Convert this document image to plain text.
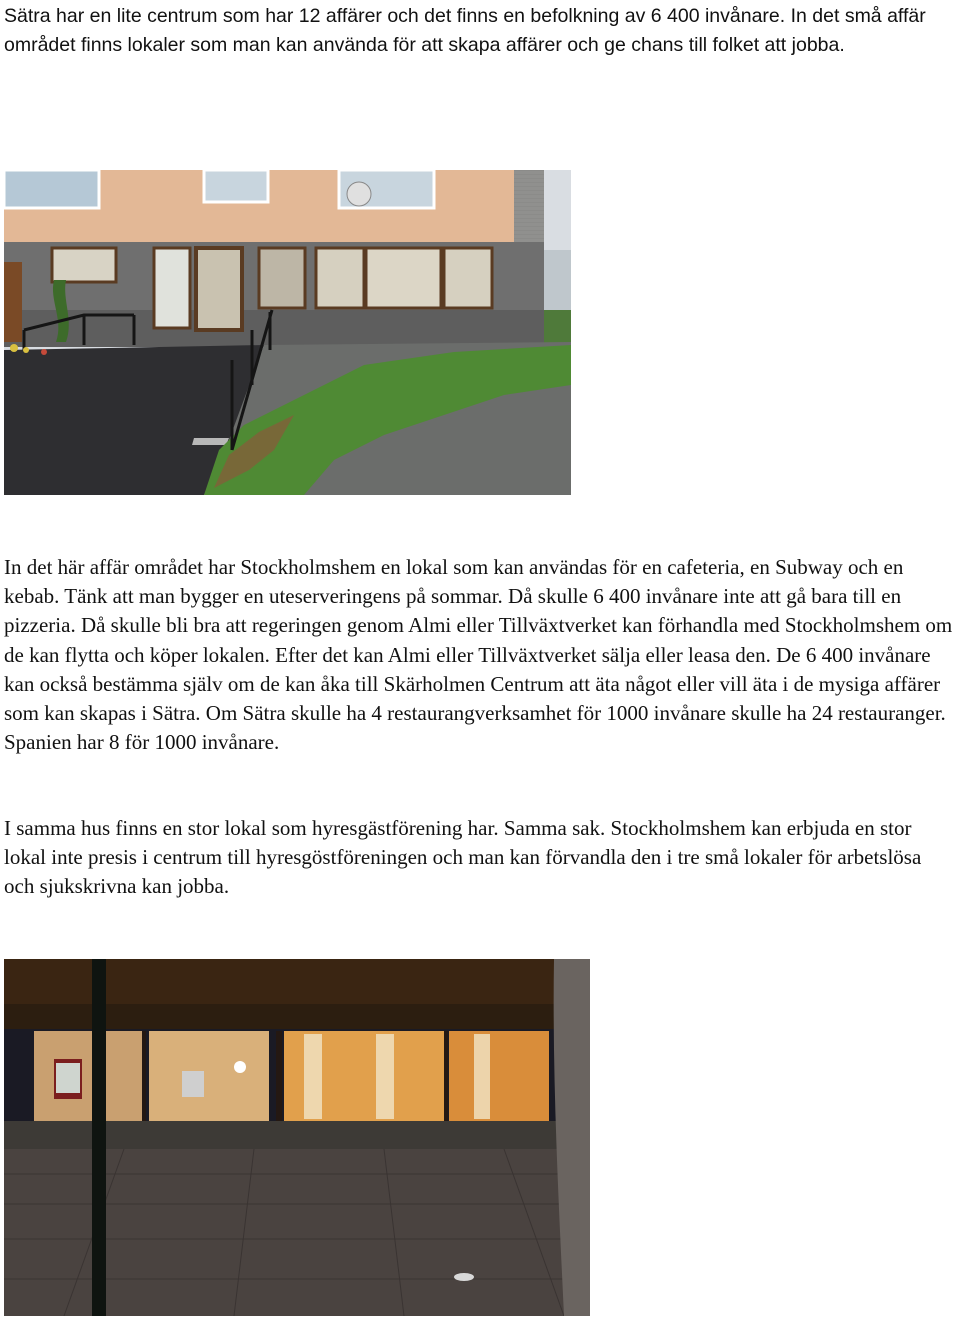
Sätra har en lite centrum som har 12 affärer och det finns en befolkning av 6 400 invånare. In det små affär området finns lokaler som man kan använda för att skapa affärer och ge chans till folket att jobba.
In det här affär området har Stockholmshem en lokal som kan användas för en cafeteria, en Subway och en kebab. Tänk att man bygger en uteserveringens på sommar. Då skulle 6 400 invånare inte att gå bara till en pizzeria. Då skulle bli bra att regeringen genom Almi eller Tillväxtverket kan förhandla med Stockholmshem om de kan flytta och köper lokalen. Efter det kan Almi eller Tillväxtverket sälja eller leasa den. De 6 400 invånare kan också bestämma själv om de kan åka till Skärholmen Centrum att äta något eller vill äta i de mysiga affärer som kan skapas i Sätra. Om Sätra skulle ha 4 restaurangverksamhet för 1000 invånare skulle ha 24 restauranger. Spanien har 8 för 1000 invånare.
I samma hus finns en stor lokal som hyresgästförening har. Samma sak. Stockholmshem kan erbjuda en stor lokal inte presis i centrum till hyresgöstföreningen och man kan förvandla den i tre små lokaler för arbetslösa och sjukskrivna kan jobba.
